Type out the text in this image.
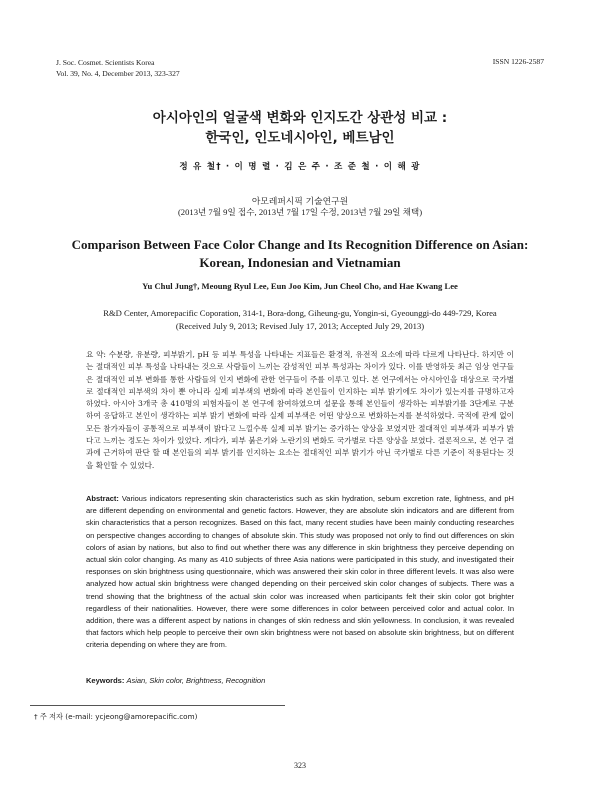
J. Soc. Cosmet. Scientists Korea
Vol. 39, No. 4, December 2013, 323-327
ISSN 1226-2587
아시아인의 얼굴색 변화와 인지도간 상관성 비교 :
한국인, 인도네시아인, 베트남인
정 유 철† · 이 명 렬 · 김 은 주 · 조 준 철 · 이 해 광
아모레퍼시픽 기술연구원
(2013년 7월 9일 접수, 2013년 7월 17일 수정, 2013년 7월 29일 채택)
Comparison Between Face Color Change and Its Recognition Difference on Asian:
Korean, Indonesian and Vietnamian
Yu Chul Jung†, Meoung Ryul Lee, Eun Joo Kim, Jun Cheol Cho, and Hae Kwang Lee
R&D Center, Amorepacific Coporation, 314-1, Bora-dong, Giheung-gu, Yongin-si, Gyeounggi-do 449-729, Korea
(Received July 9, 2013; Revised July 17, 2013; Accepted July 29, 2013)
요 약: 수분량, 유분량, 피부밝기, pH 등 피부 특성을 나타내는 지표들은 환경적, 유전적 요소에 따라 다르게 나타난다. 하지만 이는 절대적인 피부 특성을 나타내는 것으로 사람들이 느끼는 감성적인 피부 특성과는 차이가 있다. 이를 반영하듯 최근 임상 연구들은 절대적인 피부 변화를 통한 사람들의 인지 변화에 관한 연구들이 주를 이루고 있다. 본 연구에서는 아시아인을 대상으로 국가별로 절대적인 피부색의 차이 뿐 아니라 실제 피부색의 변화에 따라 본인들이 인지하는 피부 밝기에도 차이가 있는지를 규명하고자 하였다. 아시아 3개국 총 410명의 피험자들이 본 연구에 참여하였으며 설문을 통해 본인들이 생각하는 피부밝기를 3단계로 구분하여 응답하고 본인이 생각하는 피부 밝기 변화에 따라 실제 피부색은 어떤 양상으로 변화하는지를 분석하였다. 국적에 관계 없이 모든 참가자들이 공통적으로 피부색이 밝다고 느낄수록 실제 피부 밝기는 증가하는 양상을 보였지만 절대적인 피부색과 피부가 밝다고 느끼는 정도는 차이가 있었다. 게다가, 피부 붉은기와 노란기의 변화도 국가별로 다른 양상을 보였다. 결론적으로, 본 연구 결과에 근거하여 판단 할 때 본인들의 피부 밝기를 인지하는 요소는 절대적인 피부 밝기가 아닌 국가별로 다른 기준이 적용된다는 것을 확인할 수 있었다.
Abstract: Various indicators representing skin characteristics such as skin hydration, sebum excretion rate, lightness, and pH are different depending on environmental and genetic factors. However, they are absolute skin indicators and are different from skin characteristics that a person recognizes. Based on this fact, many recent studies have been mainly conducting researches on perspective changes according to changes of absolute skin. This study was proposed not only to find out differences on skin colors of asian by nations, but also to find out whether there was any difference in skin brightness they perceive depending on actual skin color changing. As many as 410 subjects of three Asia nations were participated in this study, and investigated their responses on skin brightness using questionnaire, which was answered their skin color in three different levels. It was also were analyzed how actual skin brightness were changed depending on their perceived skin color changes of subjects. There was a trend showing that the brightness of the actual skin color was increased when participants felt their skin color got brighter regardless of their nationalities. However, there were some differences in color between perceived color and actual color. In addition, there was a different aspect by nations in changes of skin redness and skin yellowness. In conclusion, it was revealed that factors which help people to perceive their own skin brightness were not based on absolute skin brightness, but on different criteria depending on where they are from.
Keywords: Asian, Skin color, Brightness, Recognition
† 주 저자 (e-mail: ycjeong@amorepacific.com)
323
